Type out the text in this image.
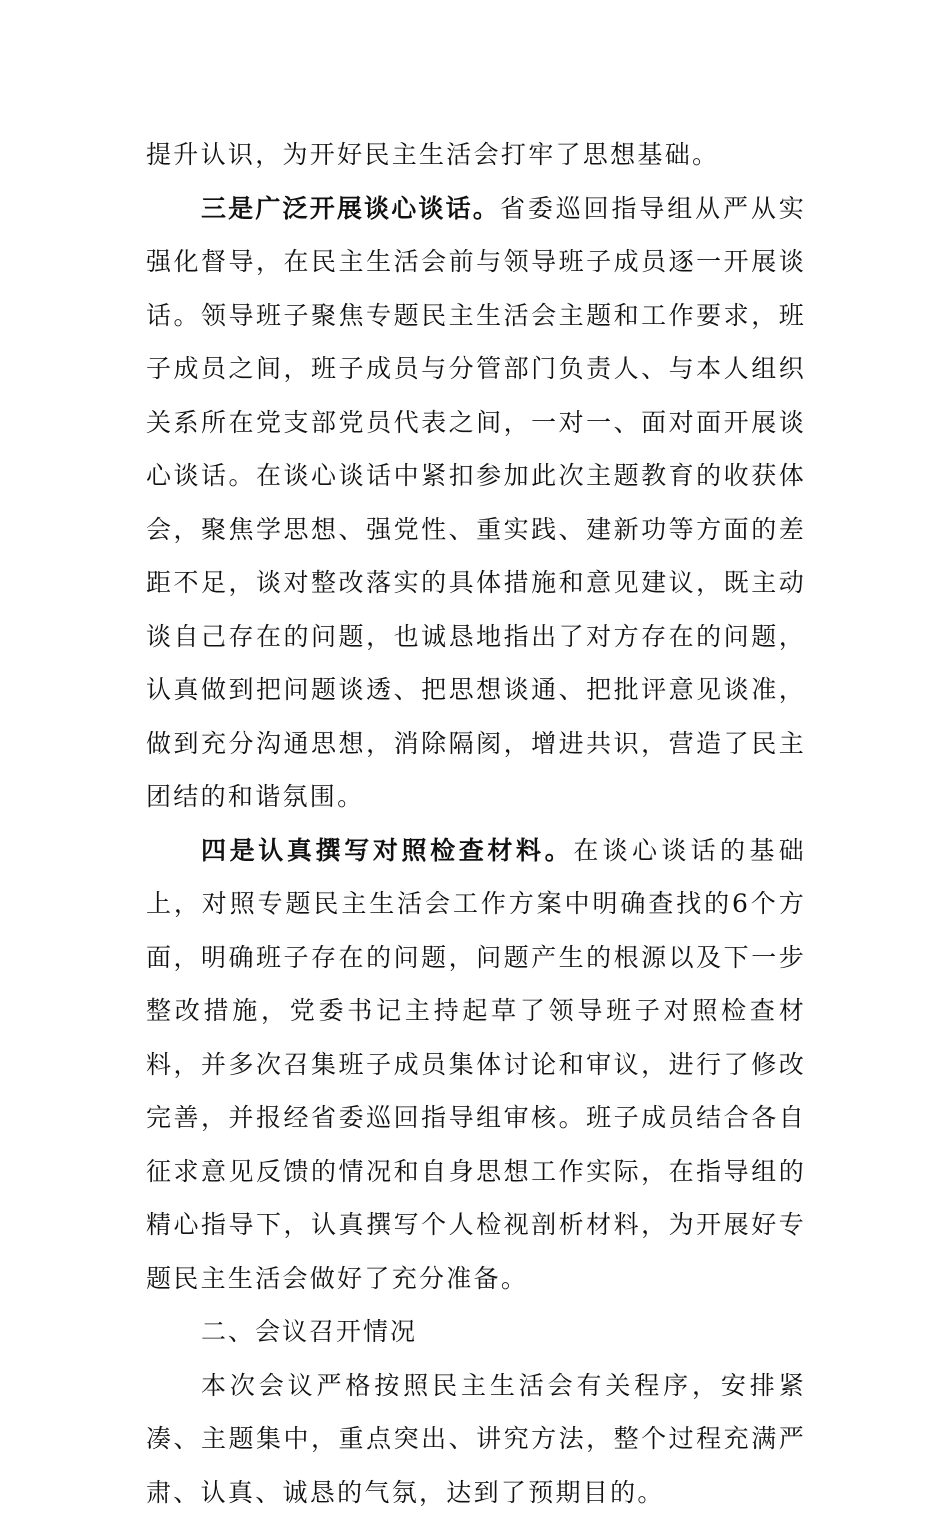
提升认识，为开好民主生活会打牢了思想基础。

三是广泛开展谈心谈话。省委巡回指导组从严从实强化督导，在民主生活会前与领导班子成员逐一开展谈话。领导班子聚焦专题民主生活会主题和工作要求，班子成员之间，班子成员与分管部门负责人、与本人组织关系所在党支部党员代表之间，一对一、面对面开展谈心谈话。在谈心谈话中紧扣参加此次主题教育的收获体会，聚焦学思想、强党性、重实践、建新功等方面的差距不足，谈对整改落实的具体措施和意见建议，既主动谈自己存在的问题，也诚恳地指出了对方存在的问题，认真做到把问题谈透、把思想谈通、把批评意见谈准，做到充分沟通思想，消除隔阂，增进共识，营造了民主团结的和谐氛围。

四是认真撰写对照检查材料。在谈心谈话的基础上，对照专题民主生活会工作方案中明确查找的6个方面，明确班子存在的问题，问题产生的根源以及下一步整改措施，党委书记主持起草了领导班子对照检查材料，并多次召集班子成员集体讨论和审议，进行了修改完善，并报经省委巡回指导组审核。班子成员结合各自征求意见反馈的情况和自身思想工作实际，在指导组的精心指导下，认真撰写个人检视剖析材料，为开展好专题民主生活会做好了充分准备。

二、会议召开情况

本次会议严格按照民主生活会有关程序，安排紧凑、主题集中，重点突出、讲究方法，整个过程充满严肃、认真、诚恳的气氛，达到了预期目的。
